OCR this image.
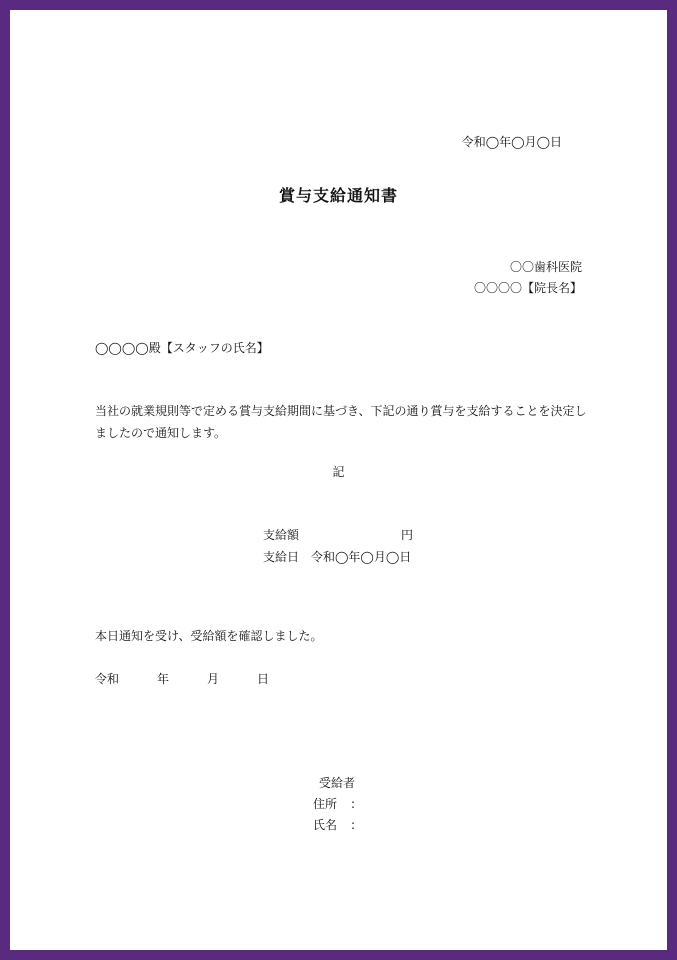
令和◯年◯月◯日
賞与支給通知書
〇〇歯科医院
〇〇〇〇【院長名】
◯◯◯◯殿【スタッフの氏名】
当社の就業規則等で定める賞与支給期間に基づき、下記の通り賞与を支給することを決定しましたので通知します。
記
支給額	円
支給日 令和◯年◯月◯日
本日通知を受け、受給額を確認しました。
令和	年	月	日
受給者
住所 :
氏名 :
